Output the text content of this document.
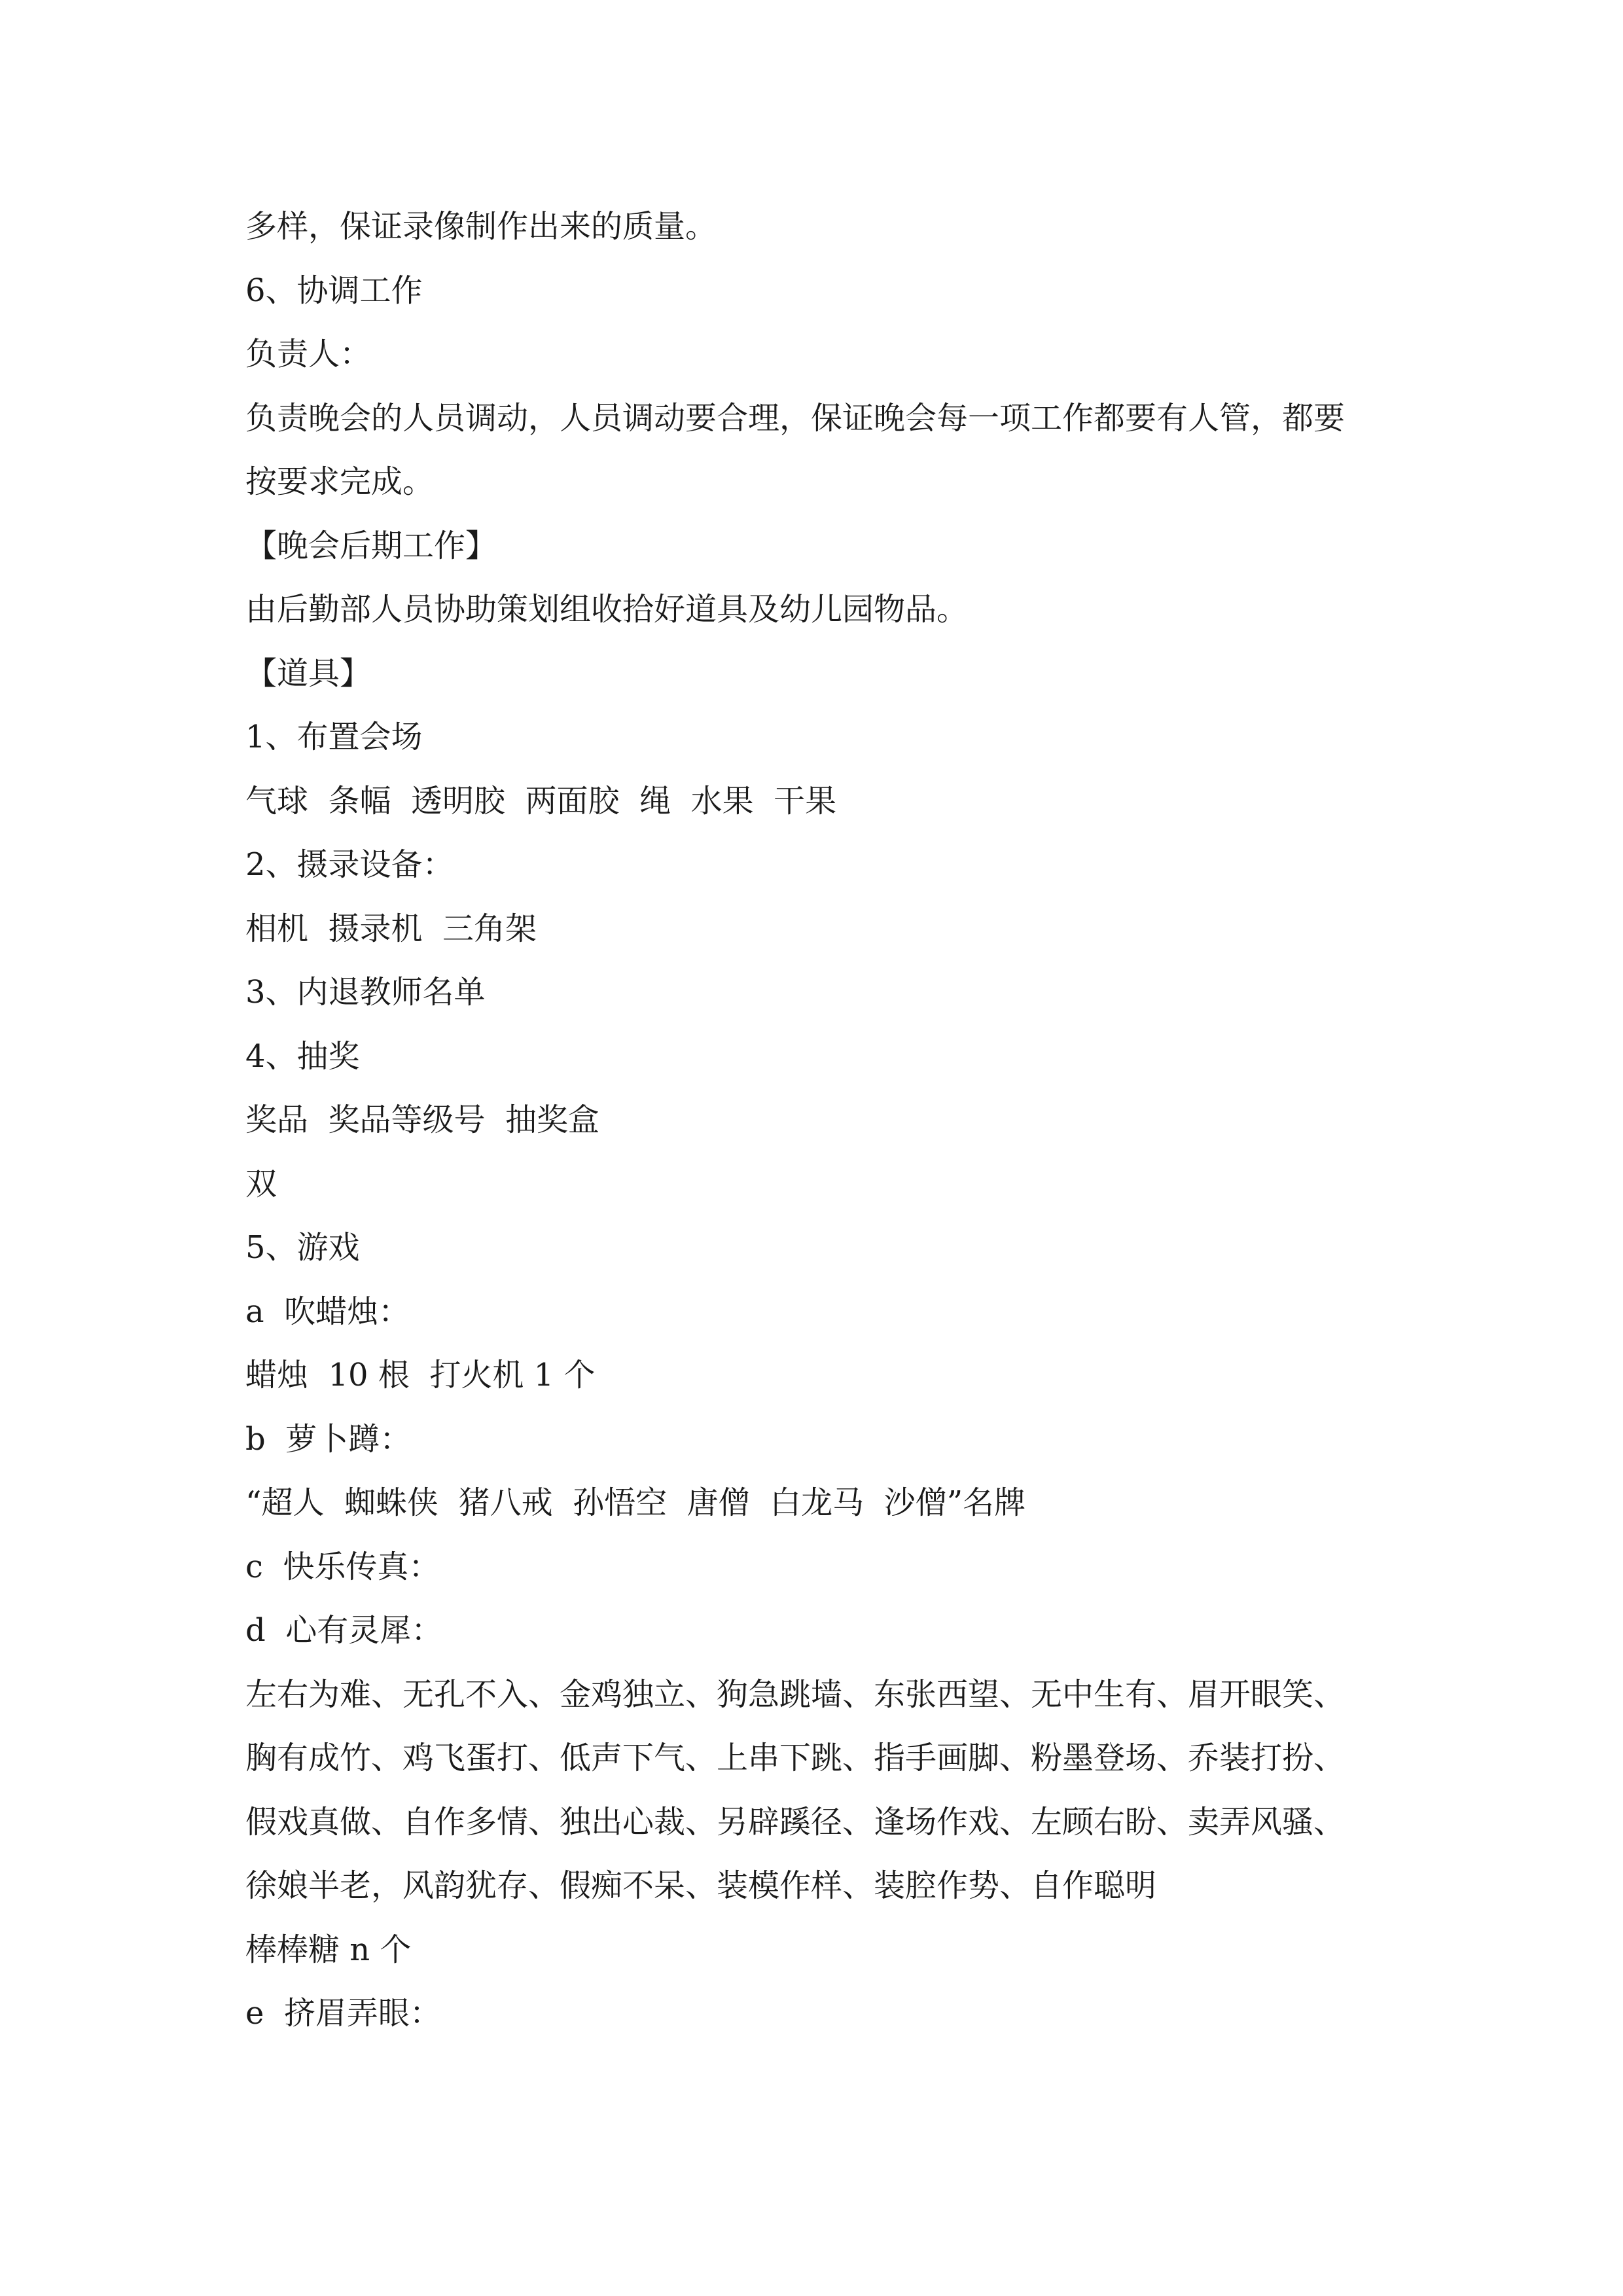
多样，保证录像制作出来的质量。

6、协调工作

负责人：

负责晚会的人员调动，人员调动要合理，保证晚会每一项工作都要有人管，都要

按要求完成。

【晚会后期工作】

由后勤部人员协助策划组收拾好道具及幼儿园物品。

【道具】

1、布置会场

气球  条幅  透明胶  两面胶  绳  水果  干果

2、摄录设备：

相机  摄录机  三角架

3、内退教师名单

4、抽奖

奖品  奖品等级号  抽奖盒

双

5、游戏

a  吹蜡烛：

蜡烛  10 根  打火机 1 个

b  萝卜蹲：

“超人  蜘蛛侠  猪八戒  孙悟空  唐僧  白龙马  沙僧”名牌

c  快乐传真：

d  心有灵犀：

左右为难、无孔不入、金鸡独立、狗急跳墙、东张西望、无中生有、眉开眼笑、

胸有成竹、鸡飞蛋打、低声下气、上串下跳、指手画脚、粉墨登场、乔装打扮、

假戏真做、自作多情、独出心裁、另辟蹊径、逢场作戏、左顾右盼、卖弄风骚、

徐娘半老，风韵犹存、假痴不呆、装模作样、装腔作势、自作聪明

棒棒糖 n 个

e  挤眉弄眼：
